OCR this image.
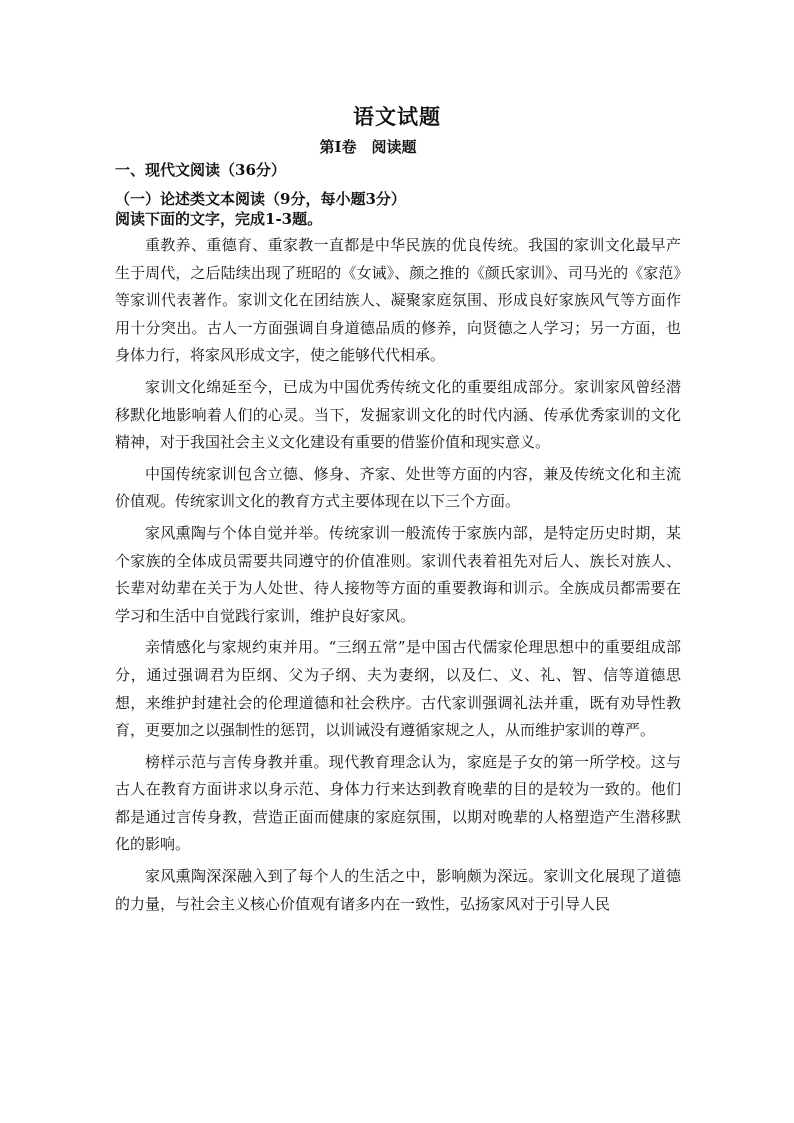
语文试题
第Ⅰ卷　阅读题
一、现代文阅读（36分）
（一）论述类文本阅读（9分，每小题3分）
阅读下面的文字，完成1-3题。

重教养、重德育、重家教一直都是中华民族的优良传统。我国的家训文化最早产生于周代，之后陆续出现了班昭的《女诫》、颜之推的《颜氏家训》、司马光的《家范》等家训代表著作。家训文化在团结族人、凝聚家庭氛围、形成良好家族风气等方面作用十分突出。古人一方面强调自身道德品质的修养，向贤德之人学习；另一方面，也身体力行，将家风形成文字，使之能够代代相承。

家训文化绵延至今，已成为中国优秀传统文化的重要组成部分。家训家风曾经潜移默化地影响着人们的心灵。当下，发掘家训文化的时代内涵、传承优秀家训的文化精神，对于我国社会主义文化建设有重要的借鉴价值和现实意义。

中国传统家训包含立德、修身、齐家、处世等方面的内容，兼及传统文化和主流价值观。传统家训文化的教育方式主要体现在以下三个方面。

家风熏陶与个体自觉并举。传统家训一般流传于家族内部，是特定历史时期，某个家族的全体成员需要共同遵守的价值准则。家训代表着祖先对后人、族长对族人、长辈对幼辈在关于为人处世、待人接物等方面的重要教诲和训示。全族成员都需要在学习和生活中自觉践行家训，维护良好家风。

亲情感化与家规约束并用。“三纲五常”是中国古代儒家伦理思想中的重要组成部分，通过强调君为臣纲、父为子纲、夫为妻纲，以及仁、义、礼、智、信等道德思想，来维护封建社会的伦理道德和社会秩序。古代家训强调礼法并重，既有劝导性教育，更要加之以强制性的惩罚，以训诫没有遵循家规之人，从而维护家训的尊严。

榜样示范与言传身教并重。现代教育理念认为，家庭是子女的第一所学校。这与古人在教育方面讲求以身示范、身体力行来达到教育晚辈的目的是较为一致的。他们都是通过言传身教，营造正面而健康的家庭氛围，以期对晚辈的人格塑造产生潜移默化的影响。

家风熏陶深深融入到了每个人的生活之中，影响颇为深远。家训文化展现了道德的力量，与社会主义核心价值观有诸多内在一致性，弘扬家风对于引导人民
